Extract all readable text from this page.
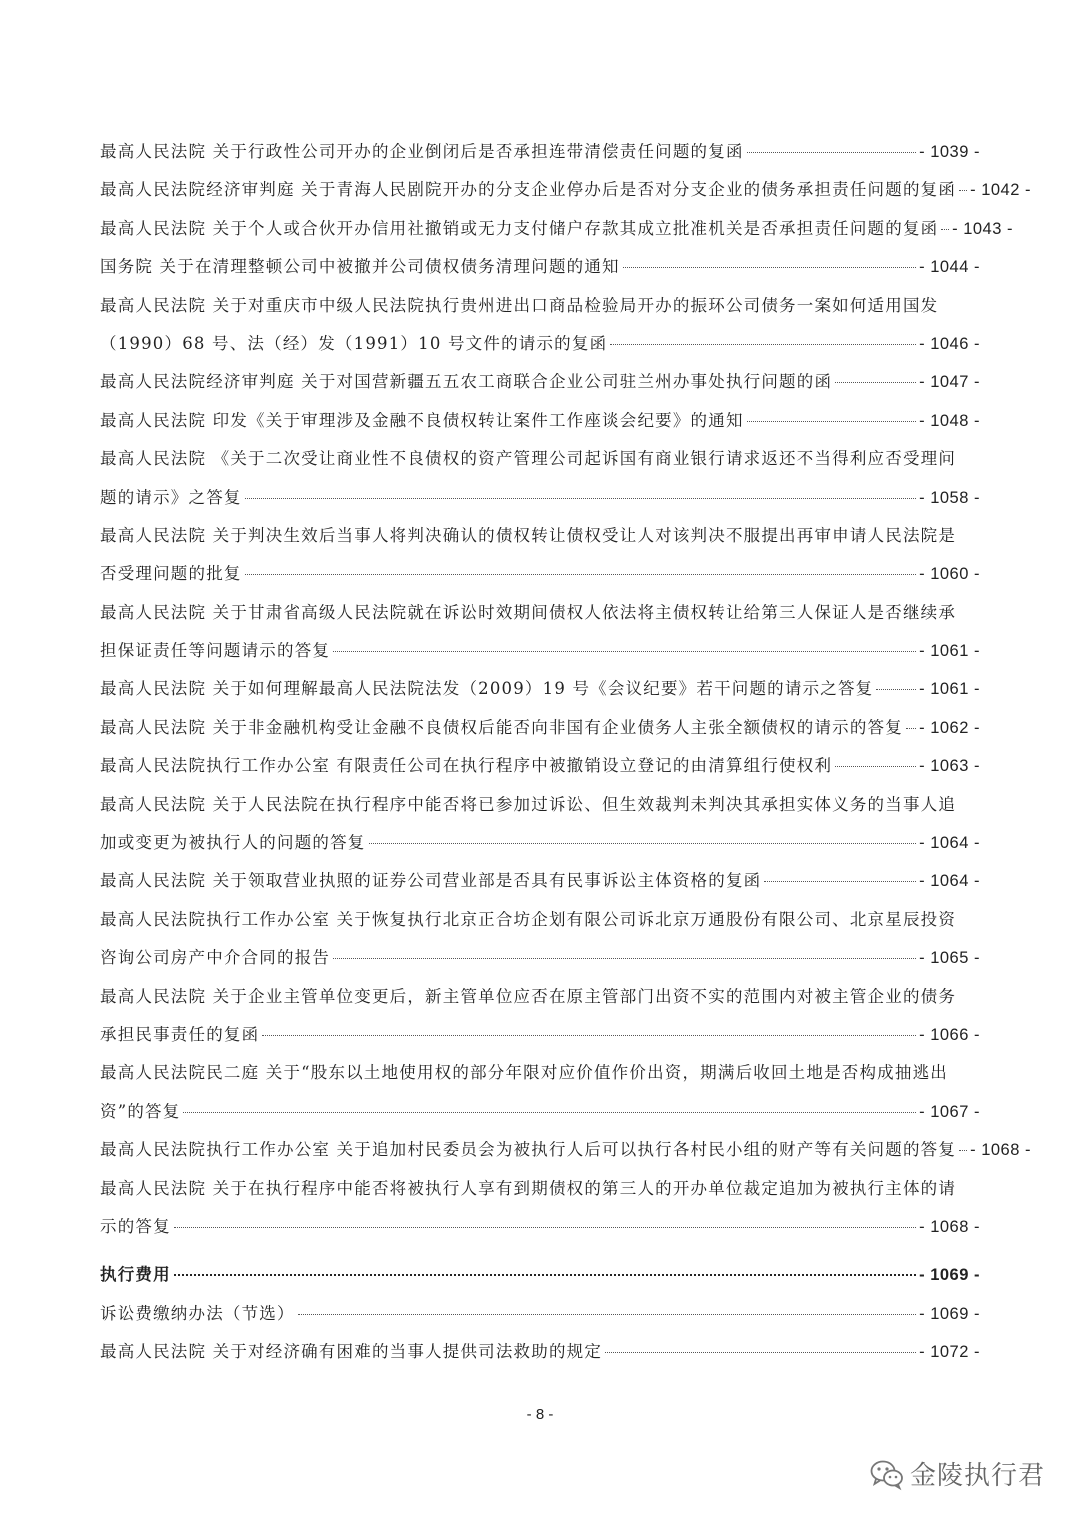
最高人民法院 关于行政性公司开办的企业倒闭后是否承担连带清偿责任问题的复函	- 1039 -
最高人民法院经济审判庭 关于青海人民剧院开办的分支企业停办后是否对分支企业的债务承担责任问题的复函 - 1042 -
最高人民法院 关于个人或合伙开办信用社撤销或无力支付储户存款其成立批准机关是否承担责任问题的复函 - 1043 -
国务院 关于在清理整顿公司中被撤并公司债权债务清理问题的通知	- 1044 -
最高人民法院 关于对重庆市中级人民法院执行贵州进出口商品检验局开办的振环公司债务一案如何适用国发
（1990）68 号、法（经）发（1991）10 号文件的请示的复函	- 1046 -
最高人民法院经济审判庭 关于对国营新疆五五农工商联合企业公司驻兰州办事处执行问题的函	- 1047 -
最高人民法院 印发《关于审理涉及金融不良债权转让案件工作座谈会纪要》的通知	- 1048 -
最高人民法院 《关于二次受让商业性不良债权的资产管理公司起诉国有商业银行请求返还不当得利应否受理问
题的请示》之答复	- 1058 -
最高人民法院 关于判决生效后当事人将判决确认的债权转让债权受让人对该判决不服提出再审申请人民法院是
否受理问题的批复	- 1060 -
最高人民法院 关于甘肃省高级人民法院就在诉讼时效期间债权人依法将主债权转让给第三人保证人是否继续承
担保证责任等问题请示的答复	- 1061 -
最高人民法院 关于如何理解最高人民法院法发（2009）19 号《会议纪要》若干问题的请示之答复	- 1061 -
最高人民法院 关于非金融机构受让金融不良债权后能否向非国有企业债务人主张全额债权的请示的答复 - 1062 -
最高人民法院执行工作办公室 有限责任公司在执行程序中被撤销设立登记的由清算组行使权利	- 1063 -
最高人民法院 关于人民法院在执行程序中能否将已参加过诉讼、但生效裁判未判决其承担实体义务的当事人追
加或变更为被执行人的问题的答复	- 1064 -
最高人民法院 关于领取营业执照的证券公司营业部是否具有民事诉讼主体资格的复函	- 1064 -
最高人民法院执行工作办公室 关于恢复执行北京正合坊企划有限公司诉北京万通股份有限公司、北京星辰投资
咨询公司房产中介合同的报告	- 1065 -
最高人民法院 关于企业主管单位变更后，新主管单位应否在原主管部门出资不实的范围内对被主管企业的债务
承担民事责任的复函	- 1066 -
最高人民法院民二庭 关于“股东以土地使用权的部分年限对应价值作价出资，期满后收回土地是否构成抽逃出
资”的答复	- 1067 -
最高人民法院执行工作办公室 关于追加村民委员会为被执行人后可以执行各村民小组的财产等有关问题的答复 - 1068 -
最高人民法院 关于在执行程序中能否将被执行人享有到期债权的第三人的开办单位裁定追加为被执行主体的请
示的答复	- 1068 -
执行费用	- 1069 -
诉讼费缴纳办法（节选）	- 1069 -
最高人民法院 关于对经济确有困难的当事人提供司法救助的规定	- 1072 -
- 8 -
金陵执行君
